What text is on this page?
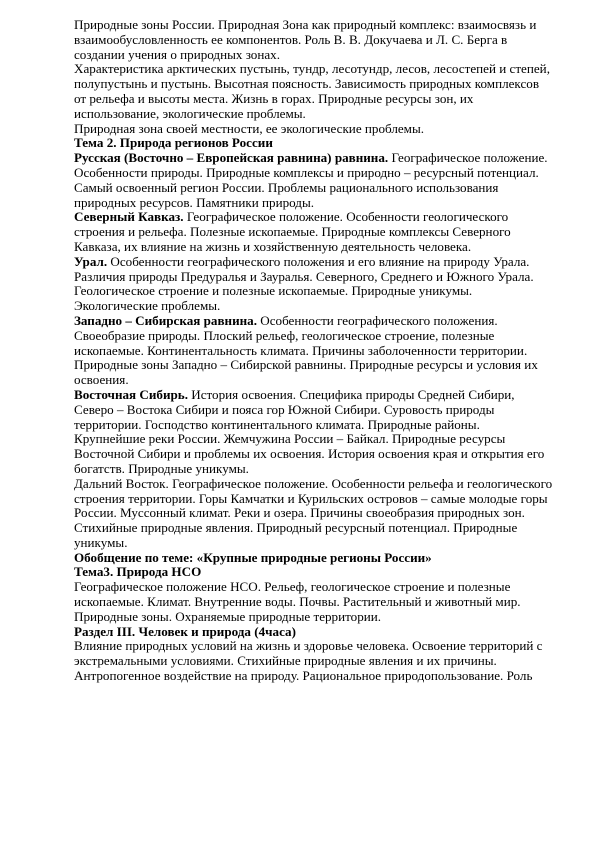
Природные зоны России. Природная Зона как природный комплекс: взаимосвязь и взаимообусловленность ее компонентов. Роль В. В. Докучаева и Л. С. Берга в создании учения о природных зонах.

Характеристика арктических пустынь, тундр, лесотундр, лесов, лесостепей и степей, полупустынь и пустынь. Высотная поясность. Зависимость природных комплексов от рельефа и высоты места. Жизнь в горах. Природные ресурсы зон, их использование, экологические проблемы.

Природная зона своей местности, ее экологические проблемы.

Тема 2. Природа регионов России

Русская (Восточно – Европейская равнина) равнина. Географическое положение. Особенности природы. Природные комплексы и природно – ресурсный потенциал. Самый освоенный регион России. Проблемы рационального использования природных ресурсов. Памятники природы.

Северный Кавказ. Географическое положение. Особенности геологического строения и рельефа. Полезные ископаемые. Природные комплексы Северного Кавказа, их влияние на жизнь и хозяйственную деятельность человека.

Урал. Особенности географического положения и его влияние на природу Урала. Различия природы Предуралья и Зауралья. Северного, Среднего и Южного Урала. Геологическое строение и полезные ископаемые. Природные уникумы. Экологические проблемы.

Западно – Сибирская равнина. Особенности географического положения. Своеобразие природы. Плоский рельеф, геологическое строение, полезные ископаемые. Континентальность климата. Причины заболоченности территории. Природные зоны Западно – Сибирской равнины. Природные ресурсы и условия их освоения.

Восточная Сибирь. История освоения. Специфика природы Средней Сибири, Северо – Востока Сибири и пояса гор Южной Сибири. Суровость природы территории. Господство континентального климата. Природные районы. Крупнейшие реки России. Жемчужина России – Байкал. Природные ресурсы Восточной Сибири и проблемы их освоения. История освоения края и открытия его богатств. Природные уникумы.

Дальний Восток. Географическое положение. Особенности рельефа и геологического строения территории. Горы Камчатки и Курильских островов – самые молодые горы России. Муссонный климат. Реки и озера. Причины своеобразия природных зон. Стихийные природные явления. Природный ресурсный потенциал. Природные уникумы.

Обобщение по теме: «Крупные природные регионы России»

Тема3. Природа НСО

Географическое положение НСО. Рельеф, геологическое строение и полезные ископаемые. Климат. Внутренние воды. Почвы. Растительный и животный мир. Природные зоны. Охраняемые природные территории.

Раздел III. Человек и природа (4часа)

Влияние природных условий на жизнь и здоровье человека. Освоение территорий с экстремальными условиями. Стихийные природные явления и их причины. Антропогенное воздействие на природу. Рациональное природопользование. Роль
